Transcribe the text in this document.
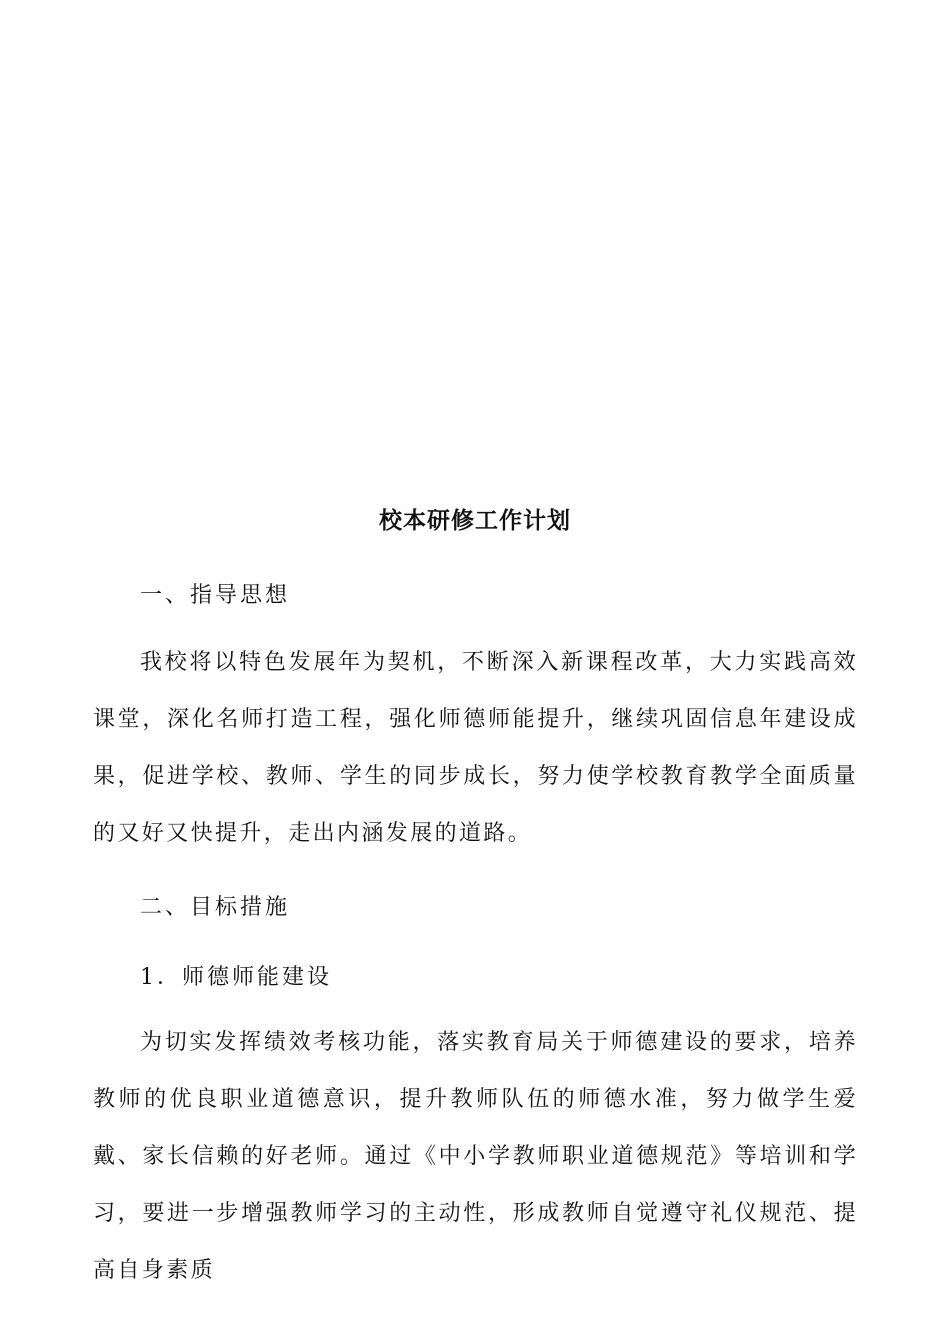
校本研修工作计划
一、指导思想
我校将以特色发展年为契机，不断深入新课程改革，大力实践高效课堂，深化名师打造工程，强化师德师能提升，继续巩固信息年建设成果，促进学校、教师、学生的同步成长，努力使学校教育教学全面质量的又好又快提升，走出内涵发展的道路。
二、目标措施
1．师德师能建设
为切实发挥绩效考核功能，落实教育局关于师德建设的要求，培养教师的优良职业道德意识，提升教师队伍的师德水准，努力做学生爱戴、家长信赖的好老师。通过《中小学教师职业道德规范》等培训和学习，要进一步增强教师学习的主动性，形成教师自觉遵守礼仪规范、提高自身素质
